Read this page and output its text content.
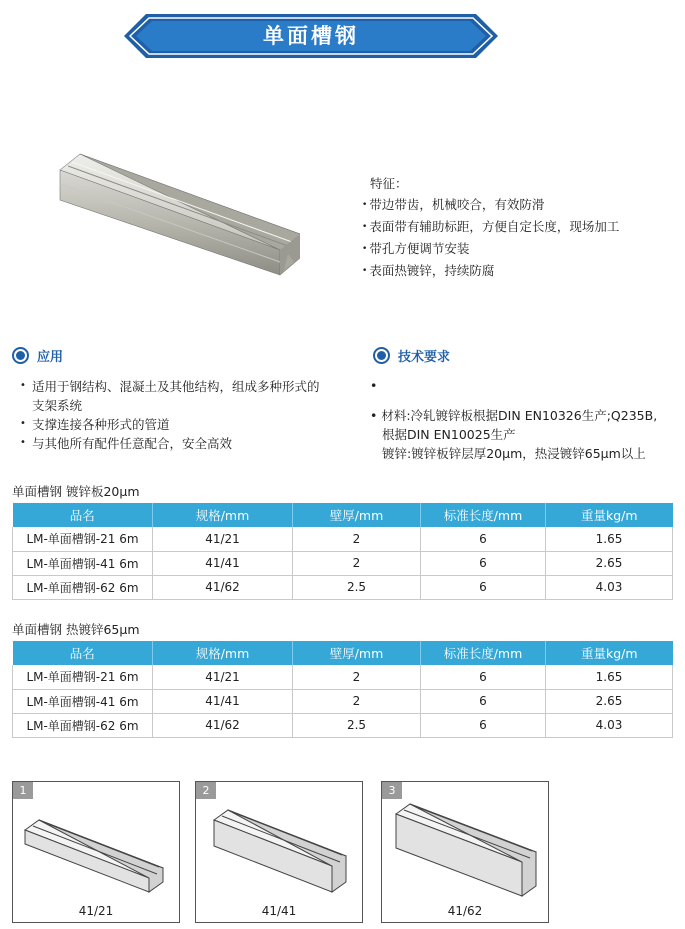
单面槽钢
特征：
• 带边带齿，机械咬合，有效防滑
• 表面带有辅助标距，方便自定长度，现场加工
• 带孔方便调节安装
• 表面热镀锌，持续防腐
应用
• 适用于钢结构、混凝土及其他结构，组成多种形式的支架系统
• 支撑连接各种形式的管道
• 与其他所有配件任意配合，安全高效
技术要求
•
• 材料:冷轧镀锌板根据DIN EN10326生产;Q235B,
根据DIN EN10025生产
镀锌:镀锌板锌层厚20μm，热浸镀锌65μm以上
单面槽钢 镀锌板20μm
品名	规格/mm	壁厚/mm	标准长度/mm	重量kg/m
LM-单面槽钢-21 6m	41/21	2	6	1.65
LM-单面槽钢-41 6m	41/41	2	6	2.65
LM-单面槽钢-62 6m	41/62	2.5	6	4.03
单面槽钢 热镀锌65μm
品名	规格/mm	壁厚/mm	标准长度/mm	重量kg/m
LM-单面槽钢-21 6m	41/21	2	6	1.65
LM-单面槽钢-41 6m	41/41	2	6	2.65
LM-单面槽钢-62 6m	41/62	2.5	6	4.03
1
41/21
2
41/41
3
41/62
